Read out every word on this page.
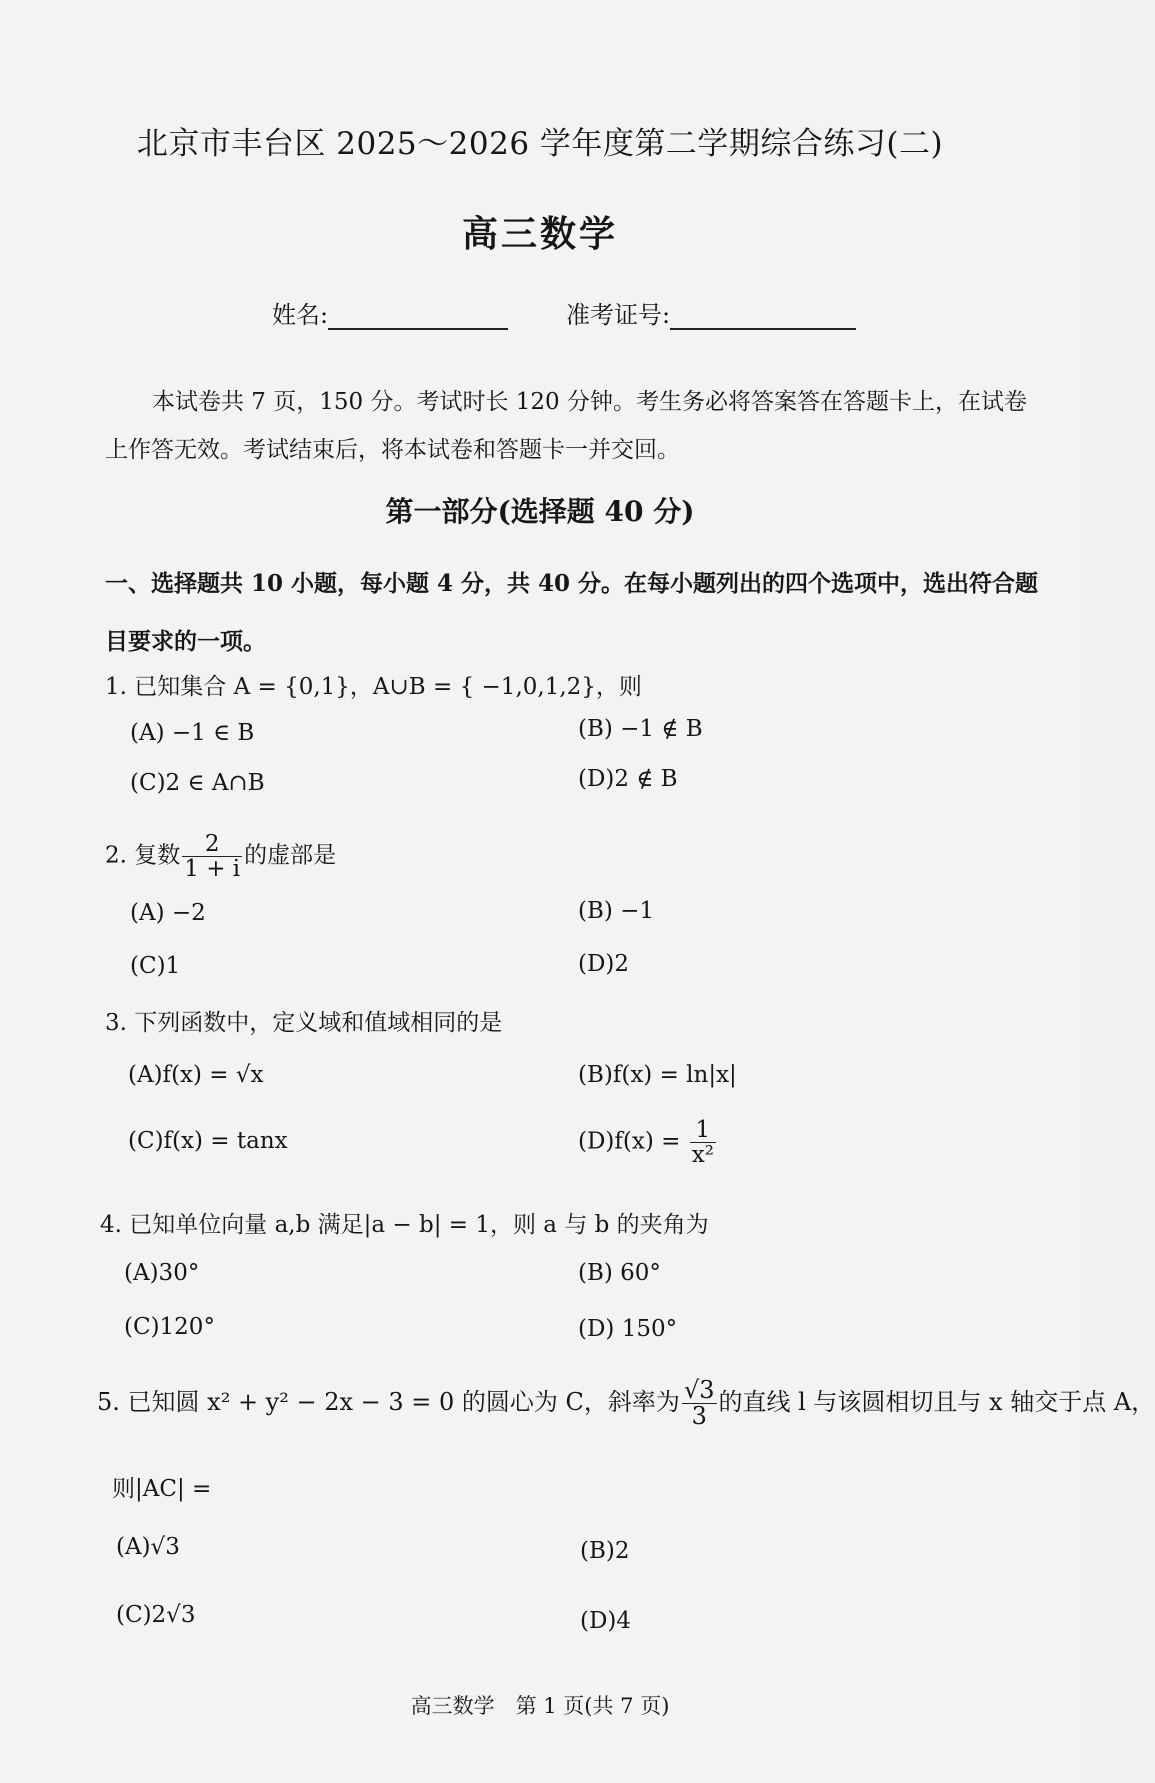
北京市丰台区 2025～2026 学年度第二学期综合练习(二)
高三数学
姓名:	准考证号:
本试卷共 7 页，150 分。考试时长 120 分钟。考生务必将答案答在答题卡上，在试卷上作答无效。考试结束后，将本试卷和答题卡一并交回。
第一部分(选择题 40 分)
一、选择题共 10 小题，每小题 4 分，共 40 分。在每小题列出的四个选项中，选出符合题目要求的一项。
1. 已知集合 A = {0,1}，A∪B = { −1,0,1,2}，则
(A) −1 ∈ B	(B) −1 ∉ B
(C)2 ∈ A∩B	(D)2 ∉ B
2. 复数 $\frac{2}{1 + i}$ 的虚部是
(A) −2	(B) −1
(C)1	(D)2
3. 下列函数中，定义域和值域相同的是
(A)f(x) = √x	(B)f(x) = ln|x|
(C)f(x) = tanx	$(D)f(x) = \frac{1}{\text{x²}}$
4. 已知单位向量 a,b 满足|a − b| = 1，则 a 与 b 的夹角为
(A)30°	(B) 60°
(C)120°	(D) 150°
5. 已知圆 x² + y² − 2x − 3 = 0 的圆心为 C，斜率为 $\frac{√3}{3}$ 的直线 l 与该圆相切且与 x 轴交于点 A，
则|AC| =
(A)√3	(B)2
(C)2√3	(D)4
高三数学　第 1 页(共 7 页)
